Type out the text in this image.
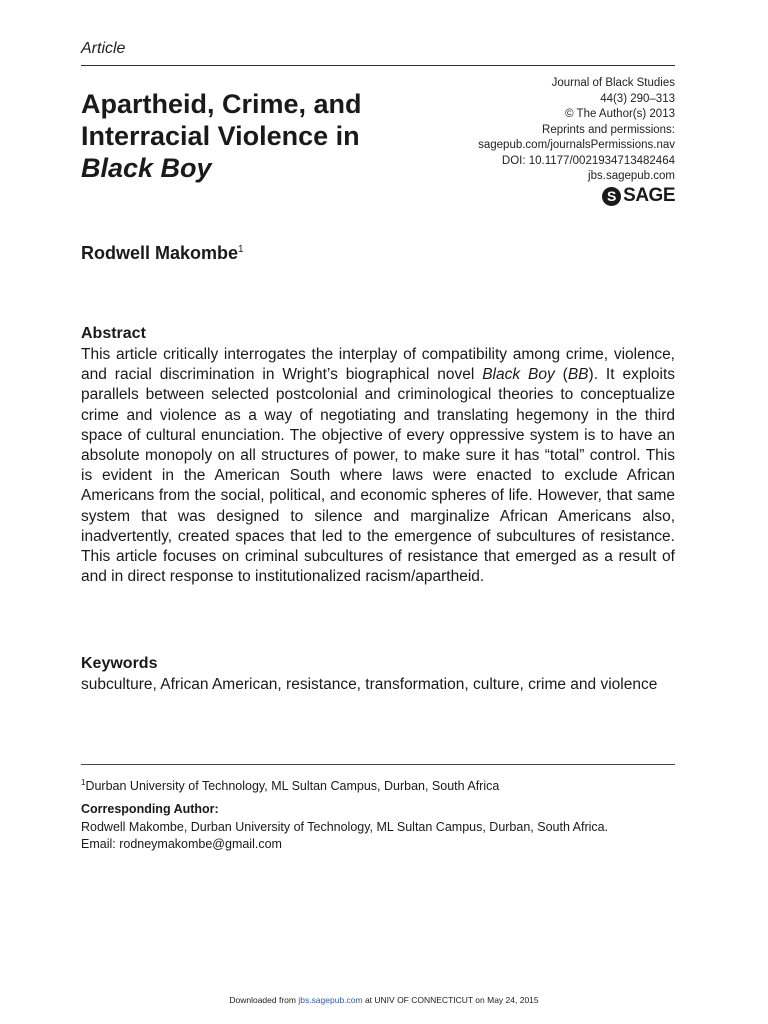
Article
Apartheid, Crime, and
Interracial Violence in
Black Boy
Journal of Black Studies
44(3) 290–313
© The Author(s) 2013
Reprints and permissions:
sagepub.com/journalsPermissions.nav
DOI: 10.1177/0021934713482464
jbs.sagepub.com
S SAGE
Rodwell Makombe$^1$
Abstract

This article critically interrogates the interplay of compatibility among crime, violence, and racial discrimination in Wright’s biographical novel Black Boy (BB). It exploits parallels between selected postcolonial and criminological theories to conceptualize crime and violence as a way of negotiating and translating hegemony in the third space of cultural enunciation. The objective of every oppressive system is to have an absolute monopoly on all structures of power, to make sure it has “total” control. This is evident in the American South where laws were enacted to exclude African Americans from the social, political, and economic spheres of life. However, that same system that was designed to silence and marginalize African Americans also, inadvertently, created spaces that led to the emergence of subcultures of resistance. This article focuses on criminal subcultures of resistance that emerged as a result of and in direct response to institutionalized racism/apartheid.

Keywords
subculture, African American, resistance, transformation, culture, crime and violence
$^1$Durban University of Technology, ML Sultan Campus, Durban, South Africa
Corresponding Author:
Rodwell Makombe, Durban University of Technology, ML Sultan Campus, Durban, South Africa.
Email: rodneymakombe@gmail.com
Downloaded from jbs.sagepub.com at UNIV OF CONNECTICUT on May 24, 2015
